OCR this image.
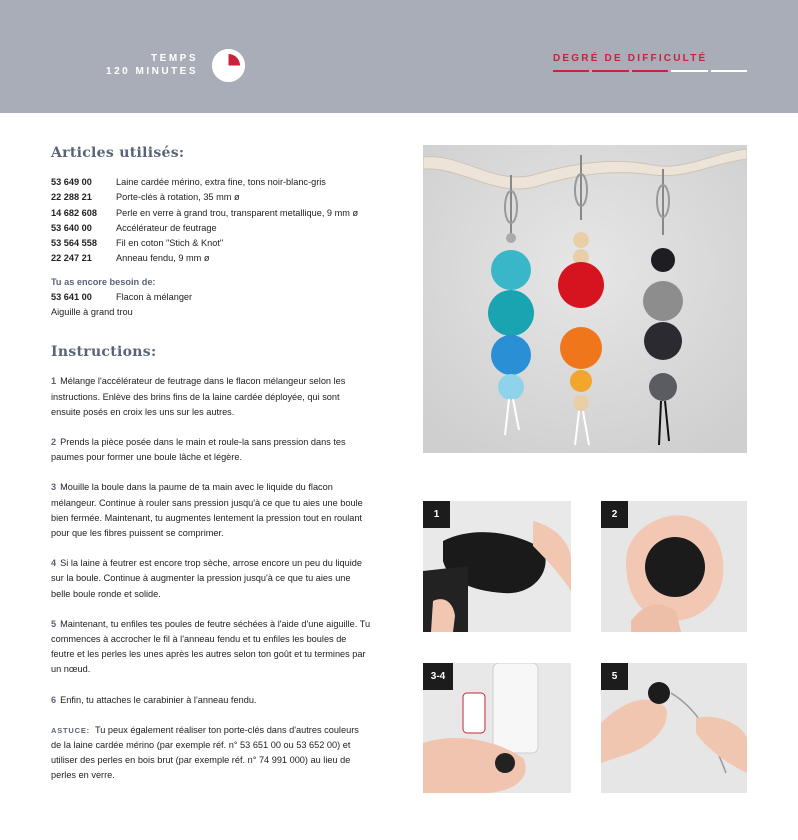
TEMPS
120 MINUTES
DEGRÉ DE DIFFICULTÉ
Articles utilisés:
53 649 00	Laine cardée mérino, extra fine, tons noir-blanc-gris
22 288 21	Porte-clés à rotation, 35 mm ø
14 682 608	Perle en verre à grand trou, transparent metallique, 9 mm ø
53 640 00	Accélérateur de feutrage
53 564 558	Fil en coton "Stich & Knot"
22 247 21	Anneau fendu, 9 mm ø
Tu as encore besoin de:
53 641 00	Flacon à mélanger
Aiguille à grand trou
Instructions:
1 Mélange l'accélérateur de feutrage dans le flacon mélangeur selon les instructions. Enlève des brins fins de la laine cardée déployée, qui sont ensuite posés en croix les uns sur les autres.
2 Prends la pièce posée dans le main et roule-la sans pression dans tes paumes pour former une boule lâche et légère.
3 Mouille la boule dans la paume de ta main avec le liquide du flacon mélangeur. Continue à rouler sans pression jusqu'à ce que tu aies une boule bien fermée. Maintenant, tu augmentes lentement la pression tout en roulant pour que les fibres puissent se comprimer.
4 Si la laine à feutrer est encore trop sèche, arrose encore un peu du liquide sur la boule. Continue à augmenter la pression jusqu'à ce que tu aies une belle boule ronde et solide.
5 Maintenant, tu enfiles tes poules de feutre séchées à l'aide d'une aiguille. Tu commences à accrocher le fil à l'anneau fendu et tu enfiles les boules de feutre et les perles les unes après les autres selon ton goût et tu termines par un nœud.
6 Enfin, tu attaches le carabinier à l'anneau fendu.
ASTUCE: Tu peux également réaliser ton porte-clés dans d'autres couleurs de la laine cardée mérino (par exemple réf. n° 53 651 00 ou 53 652 00) et utiliser des perles en bois brut (par exemple réf. n° 74 991 000) au lieu de perles en verre.
1	2
3-4	5
